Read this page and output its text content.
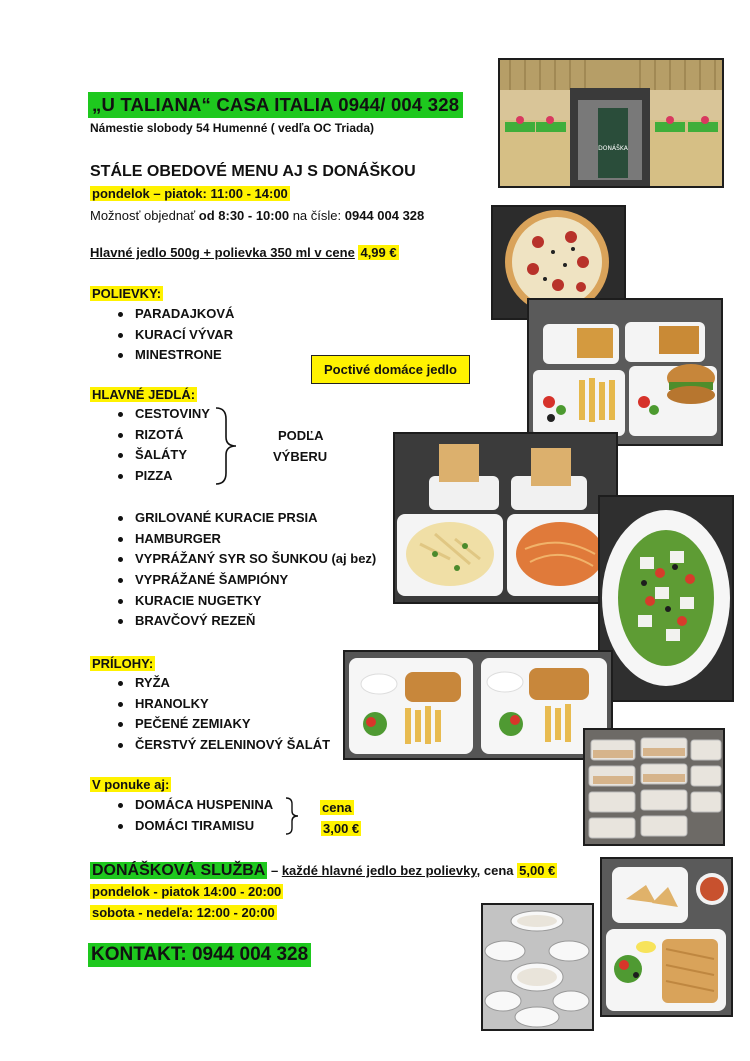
„U TALIANA“ CASA ITALIA 0944/ 004 328
Námestie slobody 54 Humenné ( vedľa OC Triada)
STÁLE OBEDOVÉ MENU AJ S DONÁŠKOU
pondelok – piatok: 11:00 - 14:00
Možnosť objednať od 8:30 - 10:00 na čísle: 0944 004 328
Hlavné jedlo 500g + polievka 350 ml v cene 4,99 €
POLIEVKY:
PARADAJKOVÁ
KURACÍ VÝVAR
MINESTRONE
Poctivé domáce jedlo
HLAVNÉ JEDLÁ:
CESTOVINY
RIZOTÁ
ŠALÁTY
PIZZA
PODĽA
VÝBERU
GRILOVANÉ KURACIE PRSIA
HAMBURGER
VYPRÁŽANÝ SYR SO ŠUNKOU (aj bez)
VYPRÁŽANÉ ŠAMPIÓNY
KURACIE NUGETKY
BRAVČOVÝ REZEŇ
PRÍLOHY:
RYŽA
HRANOLKY
PEČENÉ ZEMIAKY
ČERSTVÝ ZELENINOVÝ ŠALÁT
V ponuke aj:
DOMÁCA HUSPENINA
DOMÁCI TIRAMISU
cena
3,00 €
DONÁŠKOVÁ SLUŽBA – každé hlavné jedlo bez polievky, cena 5,00 €
pondelok - piatok 14:00 - 20:00
sobota - nedeľa: 12:00 - 20:00
KONTAKT: 0944 004 328
DONÁŠKA
